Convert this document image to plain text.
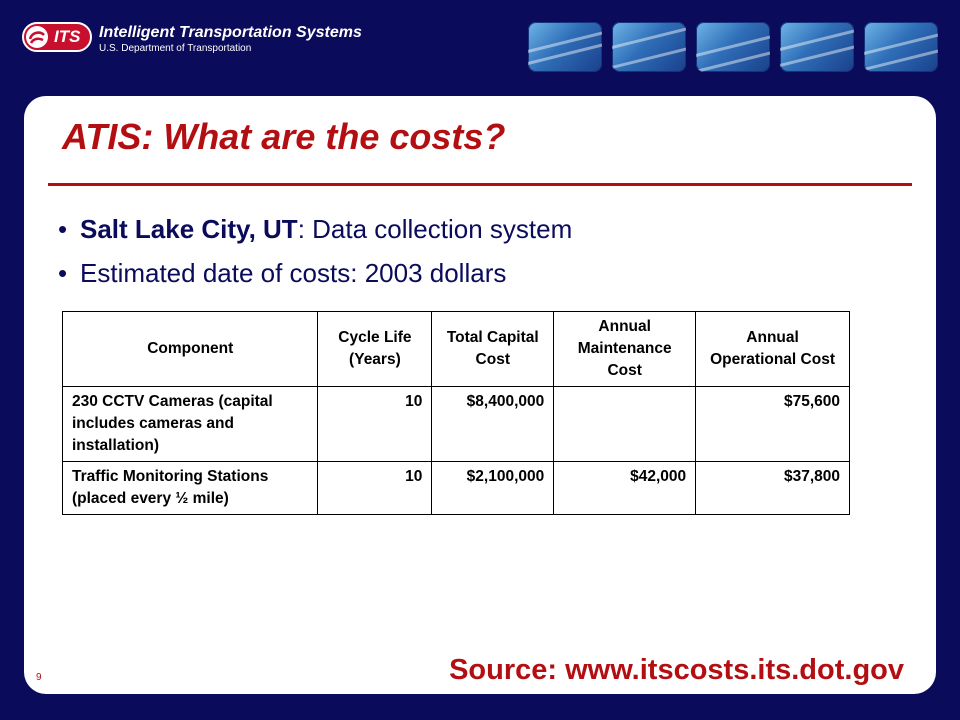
ITS Intelligent Transportation Systems
U.S. Department of Transportation
ATIS: What are the costs?
• Salt Lake City, UT: Data collection system
• Estimated date of costs: 2003 dollars
Component	Cycle Life (Years)	Total Capital Cost	Annual Maintenance Cost	Annual Operational Cost
230 CCTV Cameras (capital includes cameras and installation)	10	$8,400,000		$75,600
Traffic Monitoring Stations (placed every ½ mile)	10	$2,100,000	$42,000	$37,800
9	Source: www.itscosts.its.dot.gov
